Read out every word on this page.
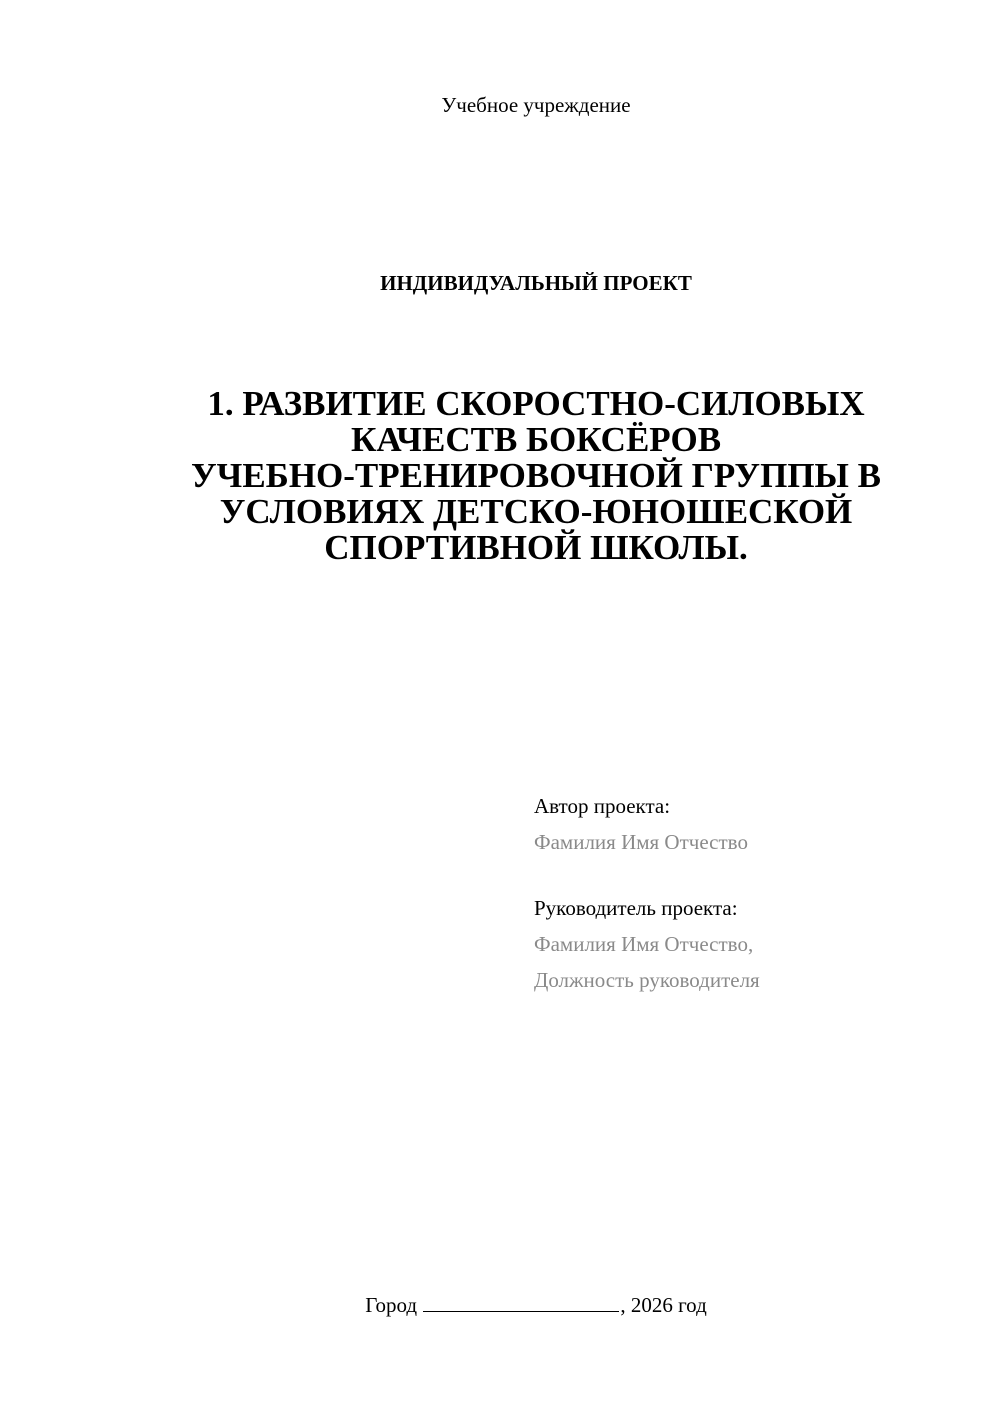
Учебное учреждение
ИНДИВИДУАЛЬНЫЙ ПРОЕКТ
1. РАЗВИТИЕ СКОРОСТНО-СИЛОВЫХ
КАЧЕСТВ БОКСЁРОВ
УЧЕБНО-ТРЕНИРОВОЧНОЙ ГРУППЫ В
УСЛОВИЯХ ДЕТСКО-ЮНОШЕСКОЙ
СПОРТИВНОЙ ШКОЛЫ.
Автор проекта:
Фамилия Имя Отчество
Руководитель проекта:
Фамилия Имя Отчество,
Должность руководителя
Город	, 2026 год
